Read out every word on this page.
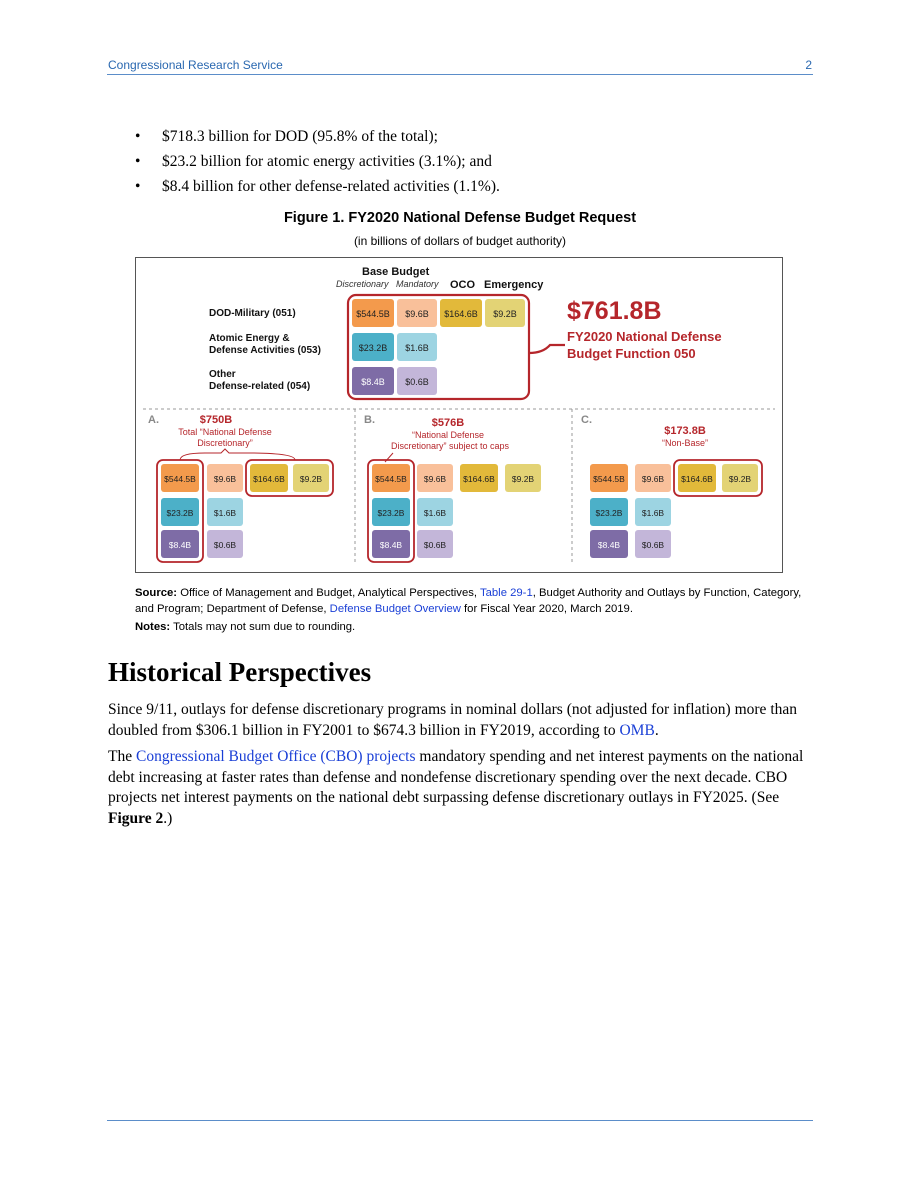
Congressional Research Service	2
• $718.3 billion for DOD (95.8% of the total);
• $23.2 billion for atomic energy activities (3.1%); and
• $8.4 billion for other defense-related activities (1.1%).
Figure 1. FY2020 National Defense Budget Request
(in billions of dollars of budget authority)
Base Budget
Discretionary Mandatory OCO Emergency
DOD-Military (051)
Atomic Energy &
Defense Activities (053)
Other
Defense-related (054)
$544.5B $9.6B $164.6B $9.2B
$23.2B $1.6B
$8.4B $0.6B
$761.8B
FY2020 National Defense
Budget Function 050
A.	$750B
Total “National Defense
Discretionary”
$544.5B $9.6B $164.6B $9.2B
$23.2B $1.6B
$8.4B	$0.6B
B.	$576B
“National Defense
Discretionary” subject to caps
$544.5B $9.6B $164.6B $9.2B
$23.2B $1.6B
$8.4B	$0.6B
C.
$173.8B
“Non-Base”
$544.5B $9.6B $164.6B $9.2B
$23.2B $1.6B
$8.4B	$0.6B
Source: Office of Management and Budget, Analytical Perspectives, Table 29-1, Budget Authority and Outlays by Function, Category, and Program; Department of Defense, Defense Budget Overview for Fiscal Year 2020, March 2019.
Notes: Totals may not sum due to rounding.
Historical Perspectives

Since 9/11, outlays for defense discretionary programs in nominal dollars (not adjusted for inflation) more than doubled from $306.1 billion in FY2001 to $674.3 billion in FY2019, according to OMB.

The Congressional Budget Office (CBO) projects mandatory spending and net interest payments on the national debt increasing at faster rates than defense and nondefense discretionary spending over the next decade. CBO projects net interest payments on the national debt surpassing defense discretionary outlays in FY2025. (See Figure 2.)
